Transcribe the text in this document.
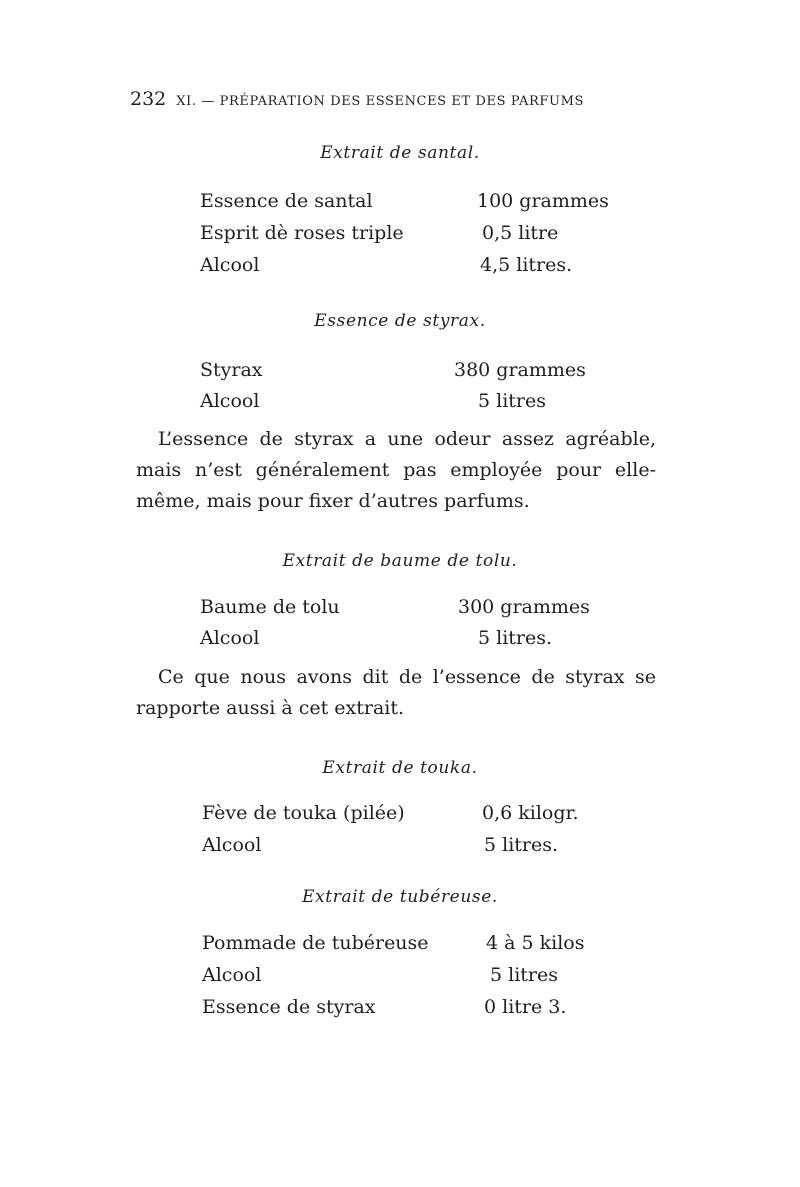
232 XI. — PRÉPARATION DES ESSENCES ET DES PARFUMS
Extrait de santal.
Essence de santal	100 grammes
Esprit dè roses triple	0,5 litre
Alcool	4,5 litres.
Essence de styrax.
Styrax	380 grammes
Alcool	5 litres
L’essence de styrax a une odeur assez agréable,
mais n’est généralement pas employée pour elle-
même, mais pour fixer d’autres parfums.
Extrait de baume de tolu.
Baume de tolu	300 grammes
Alcool	5 litres.
Ce que nous avons dit de l’essence de styrax se
rapporte aussi à cet extrait.
Extrait de touka.
Fève de touka (pilée)	0,6 kilogr.
Alcool	5 litres.
Extrait de tubéreuse.
Pommade de tubéreuse	4 à 5 kilos
Alcool	5 litres
Essence de styrax	0 litre 3.
